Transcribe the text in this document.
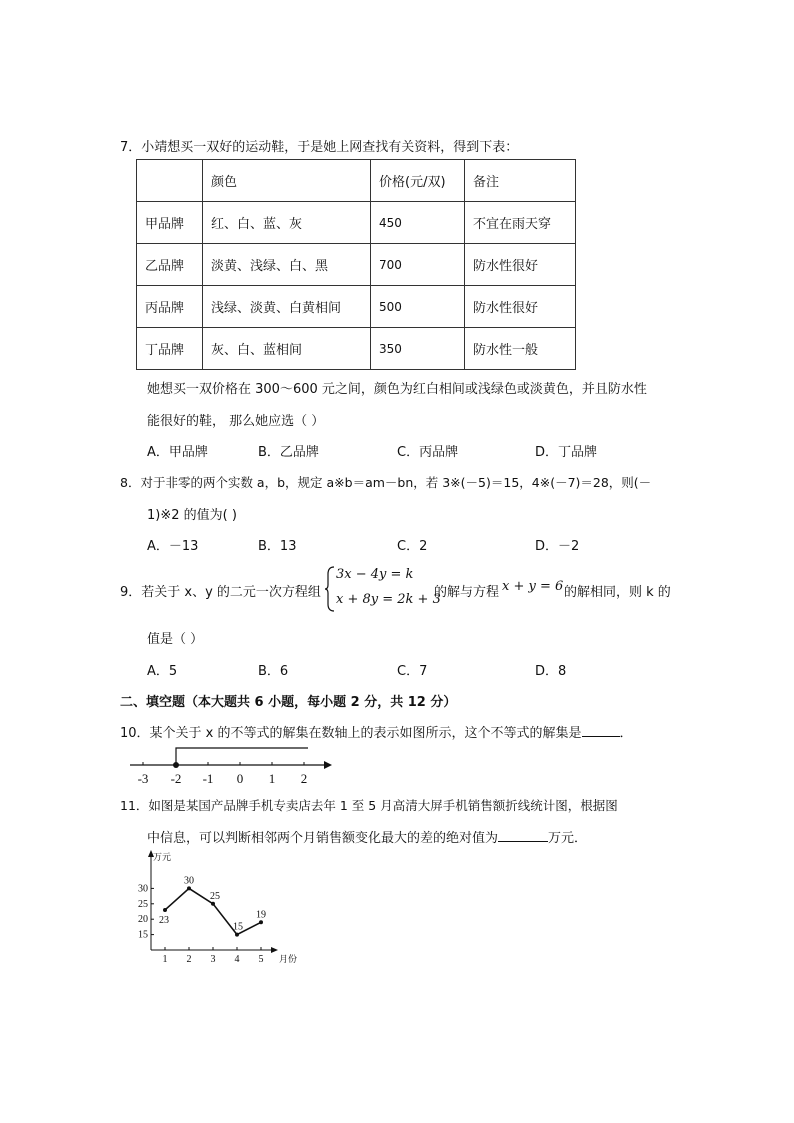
7．小靖想买一双好的运动鞋，于是她上网查找有关资料，得到下表：
	颜色	价格(元/双)	备注
甲品牌	红、白、蓝、灰	450	不宜在雨天穿
乙品牌	淡黄、浅绿、白、黑	700	防水性很好
丙品牌	浅绿、淡黄、白黄相间	500	防水性很好
丁品牌	灰、白、蓝相间	350	防水性一般
她想买一双价格在 300～600 元之间，颜色为红白相间或浅绿色或淡黄色，并且防水性
能很好的鞋， 那么她应选（ ）
A．甲品牌	B．乙品牌	C．丙品牌	D．丁品牌
8．对于非零的两个实数 a，b，规定 a※b＝am－bn，若 3※(－5)＝15，4※(－7)＝28，则(－
1)※2 的值为( )
A．－13	B．13	C．2	D．－2
9．若关于 x、y 的二元一次方程组
3x − 4y = k
x + 8y = 2k + 3
的解与方程 x + y = 6 的解相同，则 k 的
值是（ ）
A．5	B．6	C．7	D．8
二、填空题（本大题共 6 小题，每小题 2 分，共 12 分）
10．某个关于 x 的不等式的解集在数轴上的表示如图所示，这个不等式的解集是	．
-3 -2 -1 0 1 2
11．如图是某国产品牌手机专卖店去年 1 至 5 月高清大屏手机销售额折线统计图，根据图
中信息，可以判断相邻两个月销售额变化最大的差的绝对值为	万元．
万元
月份
15
20
25
30
1 2 3 4 5
23
30
25
15
19
